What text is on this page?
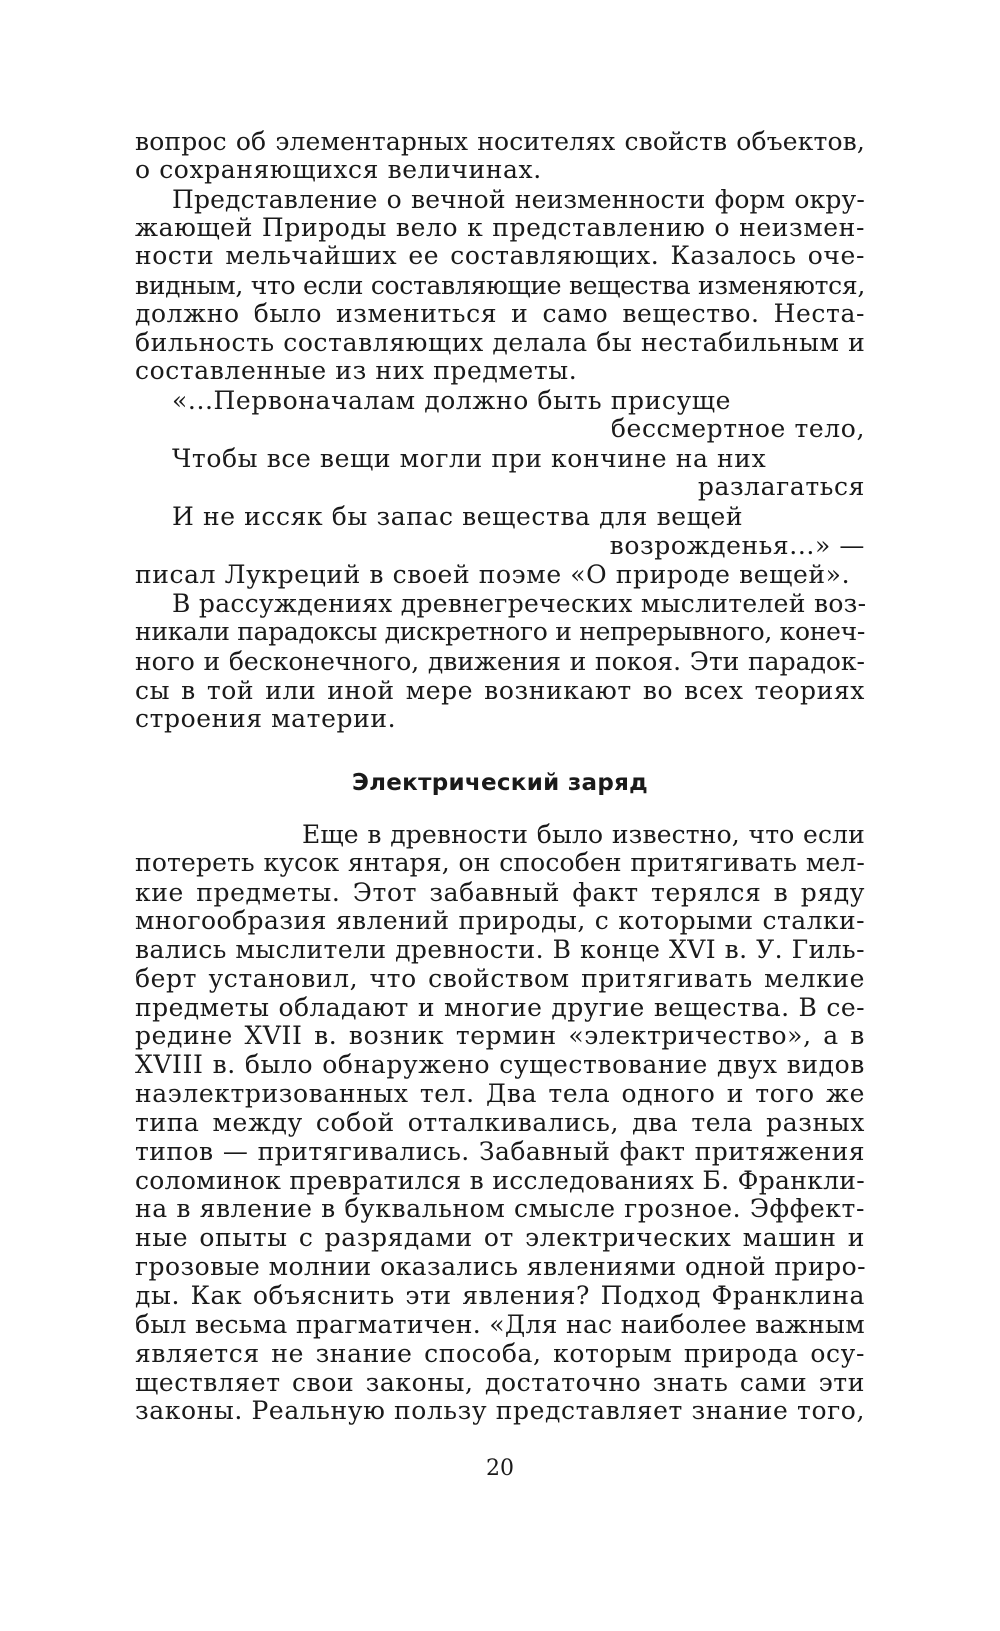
вопрос об элементарных носителях свойств объектов,
о сохраняющихся величинах.
Представление о вечной неизменности форм окру-
жающей Природы вело к представлению о неизмен-
ности мельчайших ее составляющих. Казалось оче-
видным, что если составляющие вещества изменяются,
должно было измениться и само вещество. Неста-
бильность составляющих делала бы нестабильным и
составленные из них предметы.
«...Первоначалам должно быть присуще
бессмертное тело,
Чтобы все вещи могли при кончине на них
разлагаться
И не иссяк бы запас вещества для вещей
возрожденья...» —
писал Лукреций в своей поэме «О природе вещей».
В рассуждениях древнегреческих мыслителей воз-
никали парадоксы дискретного и непрерывного, конеч-
ного и бесконечного, движения и покоя. Эти парадок-
сы в той или иной мере возникают во всех теориях
строения материи.
Электрический заряд
Еще в древности было известно, что если
потереть кусок янтаря, он способен притягивать мел-
кие предметы. Этот забавный факт терялся в ряду
многообразия явлений природы, с которыми сталки-
вались мыслители древности. В конце XVI в. У. Гиль-
берт установил, что свойством притягивать мелкие
предметы обладают и многие другие вещества. В се-
редине XVII в. возник термин «электричество», а в
XVIII в. было обнаружено существование двух видов
наэлектризованных тел. Два тела одного и того же
типа между собой отталкивались, два тела разных
типов — притягивались. Забавный факт притяжения
соломинок превратился в исследованиях Б. Франкли-
на в явление в буквальном смысле грозное. Эффект-
ные опыты с разрядами от электрических машин и
грозовые молнии оказались явлениями одной приро-
ды. Как объяснить эти явления? Подход Франклина
был весьма прагматичен. «Для нас наиболее важным
является не знание способа, которым природа осу-
ществляет свои законы, достаточно знать сами эти
законы. Реальную пользу представляет знание того,
20
